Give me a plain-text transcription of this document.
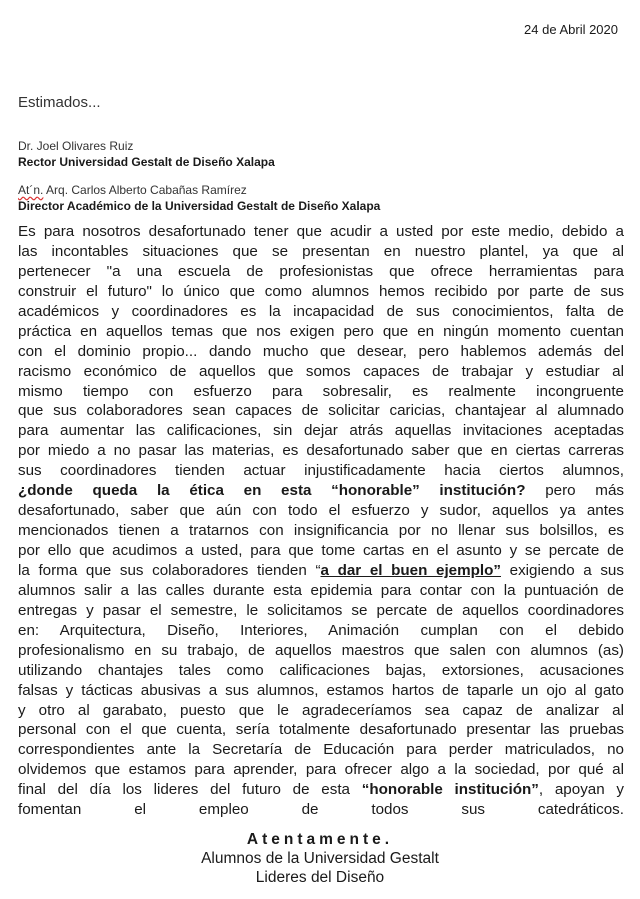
24 de Abril 2020
Estimados...
Dr. Joel Olivares Ruiz
Rector Universidad Gestalt de Diseño Xalapa
At´n. Arq. Carlos Alberto Cabañas Ramírez
Director Académico de la Universidad Gestalt de Diseño Xalapa
Es para nosotros desafortunado tener que acudir a usted por este medio, debido a
las incontables situaciones que se presentan en nuestro plantel, ya que al
pertenecer "a una escuela de profesionistas que ofrece herramientas para
construir el futuro" lo único que como alumnos hemos recibido por parte de sus
académicos y coordinadores es la incapacidad de sus conocimientos, falta de
práctica en aquellos temas que nos exigen pero que en ningún momento cuentan
con el dominio propio... dando mucho que desear, pero hablemos además del
racismo económico de aquellos que somos capaces de trabajar y estudiar al
mismo tiempo con esfuerzo para sobresalir, es realmente incongruente
que sus colaboradores sean capaces de solicitar caricias, chantajear al alumnado
para aumentar las calificaciones, sin dejar atrás aquellas invitaciones aceptadas
por miedo a no pasar las materias, es desafortunado saber que en ciertas carreras
sus coordinadores tienden actuar injustificadamente hacia ciertos alumnos,
¿donde queda la ética en esta “honorable” institución? pero más
desafortunado, saber que aún con todo el esfuerzo y sudor, aquellos ya antes
mencionados tienen a tratarnos con insignificancia por no llenar sus bolsillos, es
por ello que acudimos a usted, para que tome cartas en el asunto y se percate de
la forma que sus colaboradores tienden “a dar el buen ejemplo” exigiendo a sus
alumnos salir a las calles durante esta epidemia para contar con la puntuación de
entregas y pasar el semestre, le solicitamos se percate de aquellos coordinadores
en: Arquitectura, Diseño, Interiores, Animación cumplan con el debido
profesionalismo en su trabajo, de aquellos maestros que salen con alumnos (as)
utilizando chantajes tales como calificaciones bajas, extorsiones, acusaciones
falsas y tácticas abusivas a sus alumnos, estamos hartos de taparle un ojo al gato
y otro al garabato, puesto que le agradeceríamos sea capaz de analizar al
personal con el que cuenta, sería totalmente desafortunado presentar las pruebas
correspondientes ante la Secretaría de Educación para perder matriculados, no
olvidemos que estamos para aprender, para ofrecer algo a la sociedad, por qué al
final del día los lideres del futuro de esta “honorable institución”, apoyan y
fomentan el empleo de todos sus catedráticos.
Atentamente.
Alumnos de la Universidad Gestalt
Lideres del Diseño
